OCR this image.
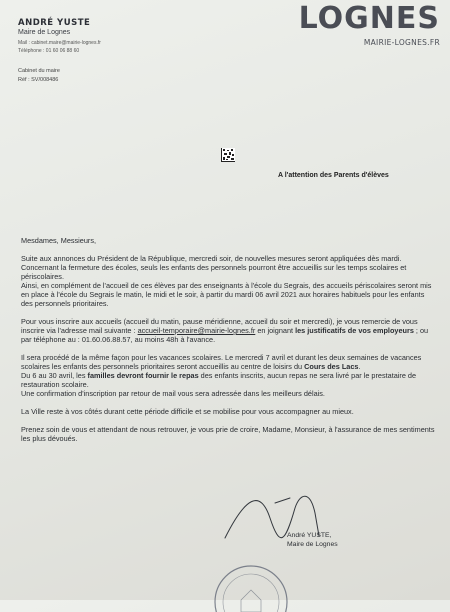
ANDRÉ YUSTE
Maire de Lognes
Mail : cabinet.maire@mairie-lognes.fr
Téléphone : 01 60 06 88 60
Cabinet du maire
Réf : SV/008486
LOGNES
MAIRIE-LOGNES.FR
A l'attention des Parents d'élèves

Mesdames, Messieurs,

Suite aux annonces du Président de la République, mercredi soir, de nouvelles mesures seront appliquées dès mardi. Concernant la fermeture des écoles, seuls les enfants des personnels pourront être accueillis sur les temps scolaires et périscolaires.

Ainsi, en complément de l'accueil de ces élèves par des enseignants à l'école du Segrais, des accueils périscolaires seront mis en place à l'école du Segrais le matin, le midi et le soir, à partir du mardi 06 avril 2021 aux horaires habituels pour les enfants des personnels prioritaires.

Pour vous inscrire aux accueils (accueil du matin, pause méridienne, accueil du soir et mercredi), je vous remercie de vous inscrire via l'adresse mail suivante : accueil-temporaire@mairie-lognes.fr en joignant les justificatifs de vos employeurs ; ou par téléphone au : 01.60.06.88.57, au moins 48h à l'avance.

Il sera procédé de la même façon pour les vacances scolaires. Le mercredi 7 avril et durant les deux semaines de vacances scolaires les enfants des personnels prioritaires seront accueillis au centre de loisirs du Cours des Lacs.
Du 6 au 30 avril, les familles devront fournir le repas des enfants inscrits, aucun repas ne sera livré par le prestataire de restauration scolaire.
Une confirmation d'inscription par retour de mail vous sera adressée dans les meilleurs délais.

La Ville reste à vos côtés durant cette période difficile et se mobilise pour vous accompagner au mieux.

Prenez soin de vous et attendant de nous retrouver, je vous prie de croire, Madame, Monsieur, à l'assurance de mes sentiments les plus dévoués.

André YUSTE,
Maire de Lognes
